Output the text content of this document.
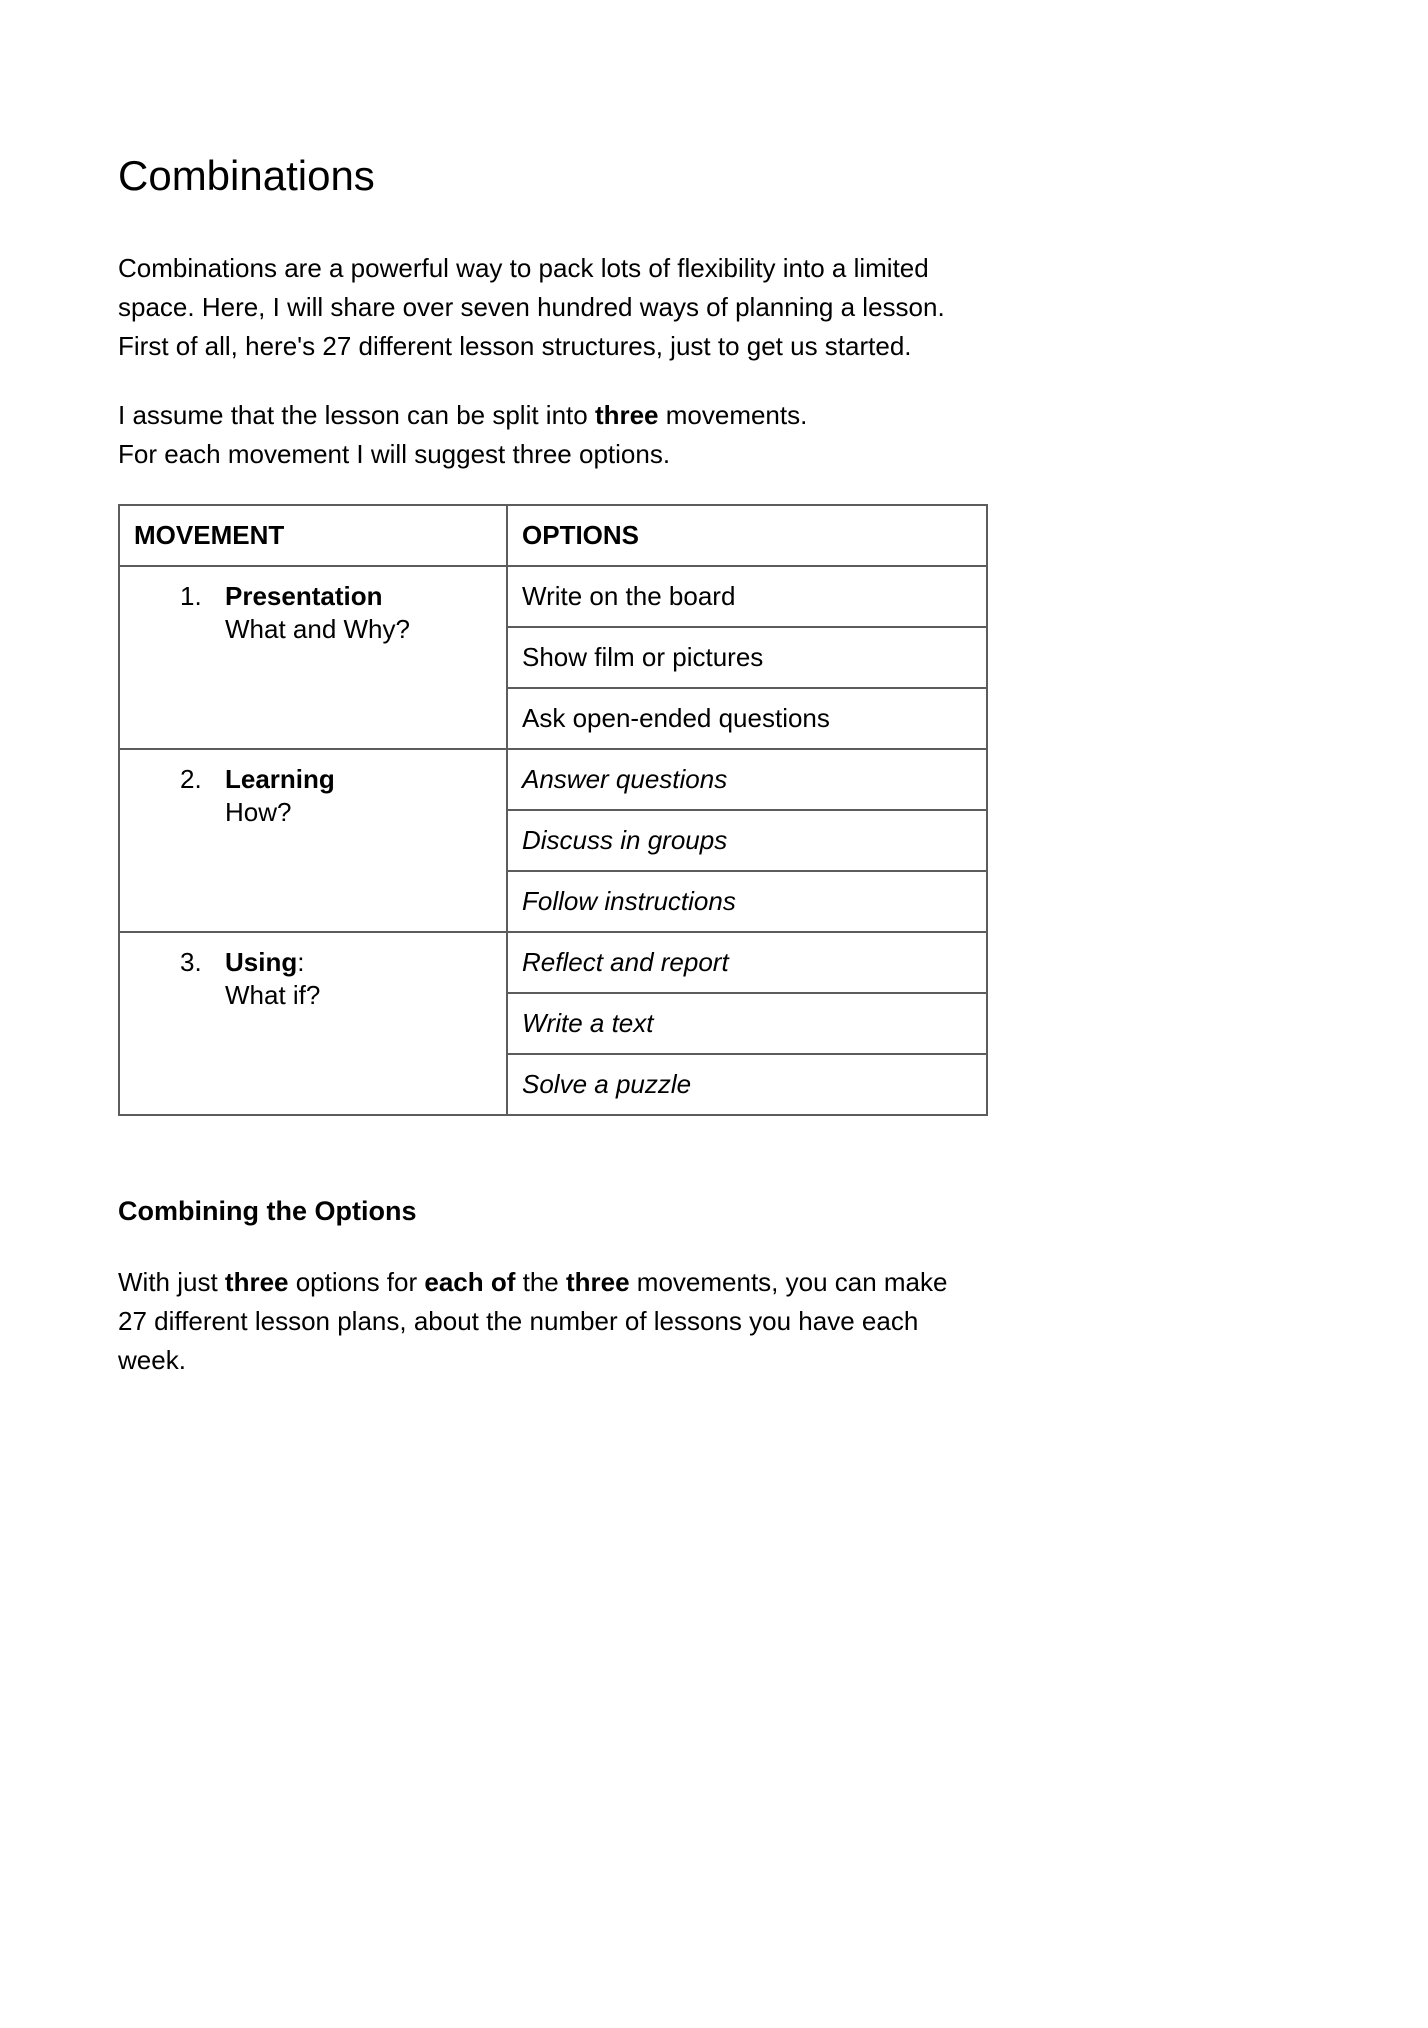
Combinations

Combinations are a powerful way to pack lots of flexibility into a limited space. Here, I will share over seven hundred ways of planning a lesson. First of all, here's 27 different lesson structures, just to get us started.

I assume that the lesson can be split into three movements.
For each movement I will suggest three options.

MOVEMENT	OPTIONS

1. Presentation
What and Why?	Write on the board
	Show film or pictures
	Ask open-ended questions

2. Learning
How?	Answer questions
	Discuss in groups
	Follow instructions

3. Using:
What if?	Reflect and report
	Write a text
	Solve a puzzle
Combining the Options

With just three options for each of the three movements, you can make 27 different lesson plans, about the number of lessons you have each week.
